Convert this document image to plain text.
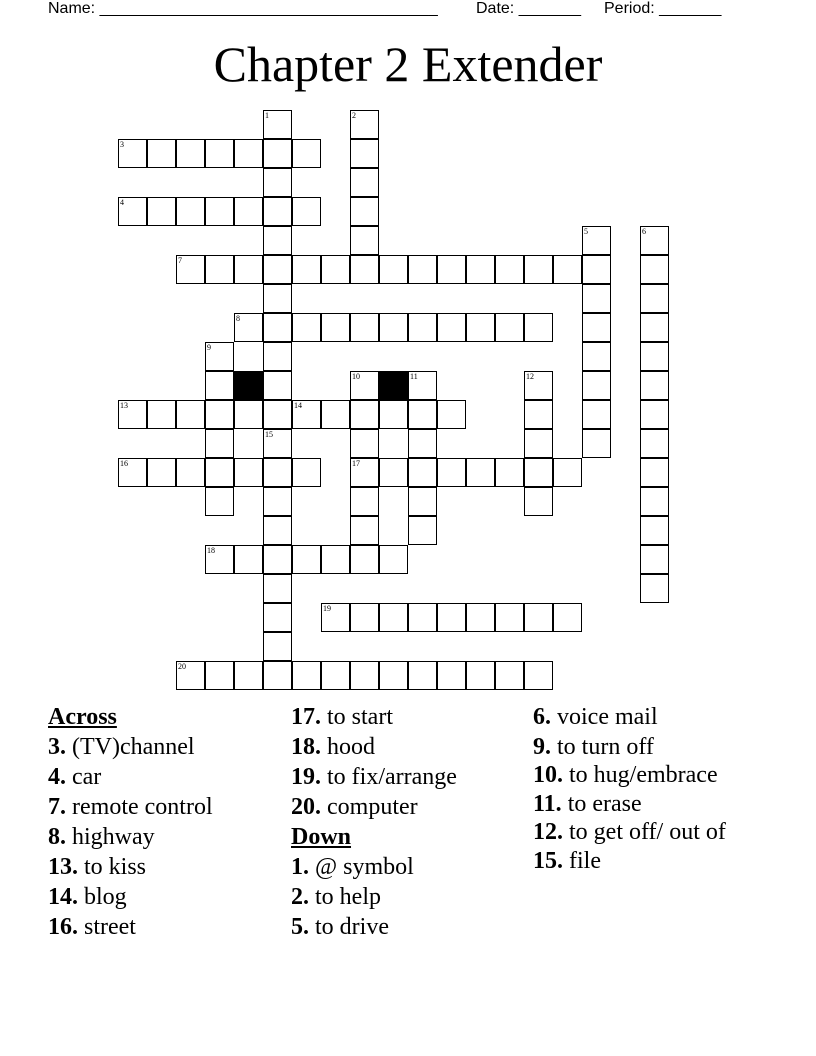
Name: ______________________________________

Date: _______

Period: _______

Chapter 2 Extender
1	2
3
4
5	6
7
8
9
10	11	12
13	14
15
16	17
18
19
20
Across
3. (TV)channel
4. car
7. remote control
8. highway
13. to kiss
14. blog
16. street
17. to start
18. hood
19. to fix/arrange
20. computer
Down
1. @ symbol
2. to help
5. to drive
6. voice mail
9. to turn off
10. to hug/embrace
11. to erase
12. to get off/ out of
15. file
